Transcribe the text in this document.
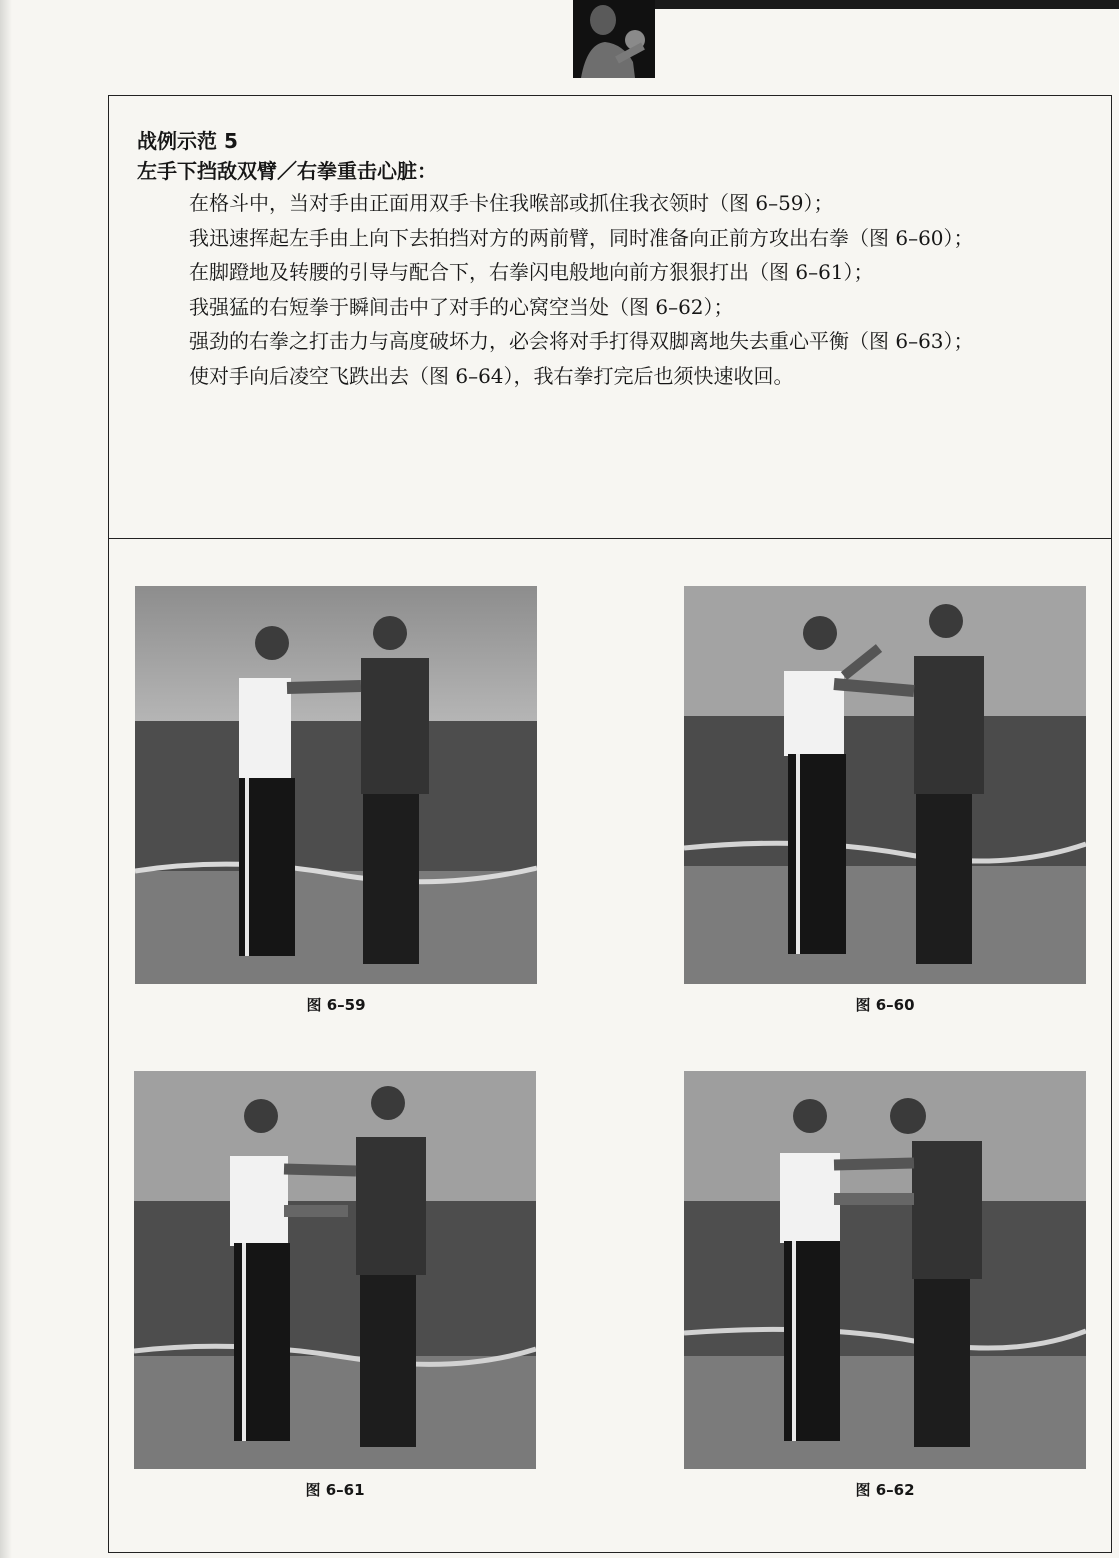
战例示范 5

左手下挡敌双臂／右拳重击心脏：

在格斗中，当对手由正面用双手卡住我喉部或抓住我衣领时（图 6–59）；

我迅速挥起左手由上向下去拍挡对方的两前臂，同时准备向正前方攻出右拳（图 6–60）；

在脚蹬地及转腰的引导与配合下，右拳闪电般地向前方狠狠打出（图 6–61）；

我强猛的右短拳于瞬间击中了对手的心窝空当处（图 6–62）；

强劲的右拳之打击力与高度破坏力，必会将对手打得双脚离地失去重心平衡（图 6–63）；

使对手向后凌空飞跌出去（图 6–64），我右拳打完后也须快速收回。

图 6–59	图 6–60
图 6–61	图 6–62
